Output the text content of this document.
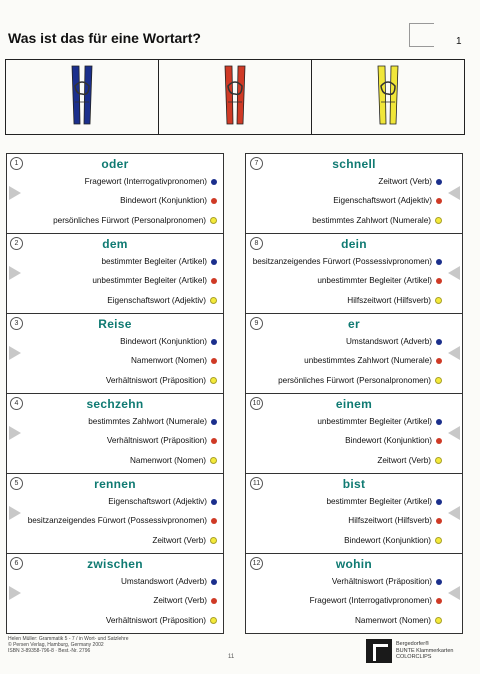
Was ist das für eine Wortart?	1
1	oder
Fragewort (Interrogativpronomen)
Bindewort (Konjunktion)
persönliches Fürwort (Personalpronomen)
2	dem
bestimmter Begleiter (Artikel)
unbestimmter Begleiter (Artikel)
Eigenschaftswort (Adjektiv)
3	Reise
Bindewort (Konjunktion)
Namenwort (Nomen)
Verhältniswort (Präposition)
4	sechzehn
bestimmtes Zahlwort (Numerale)
Verhältniswort (Präposition)
Namenwort (Nomen)
5	rennen
Eigenschaftswort (Adjektiv)
besitzanzeigendes Fürwort (Possessivpronomen)
Zeitwort (Verb)
6	zwischen
Umstandswort (Adverb)
Zeitwort (Verb)
Verhältniswort (Präposition)
7	schnell
Zeitwort (Verb)
Eigenschaftswort (Adjektiv)
bestimmtes Zahlwort (Numerale)
8	dein
besitzanzeigendes Fürwort (Possessivpronomen)
unbestimmter Begleiter (Artikel)
Hilfszeitwort (Hilfsverb)
9	er
Umstandswort (Adverb)
unbestimmtes Zahlwort (Numerale)
persönliches Fürwort (Personalpronomen)
10	einem
unbestimmter Begleiter (Artikel)
Bindewort (Konjunktion)
Zeitwort (Verb)
11	bist
bestimmter Begleiter (Artikel)
Hilfszeitwort (Hilfsverb)
Bindewort (Konjunktion)
12	wohin
Verhältniswort (Präposition)
Fragewort (Interrogativpronomen)
Namenwort (Nomen)
Helen Müller: Grammatik 5 - 7 / in Wort- und Satzlehre
© Persen Verlag, Hamburg, Germany 2002
ISBN 3-89358-796-8 · Best.-Nr. 2796
11
Bergedorfer®
BUNTE Klammerkarten
COLORCLIPS
